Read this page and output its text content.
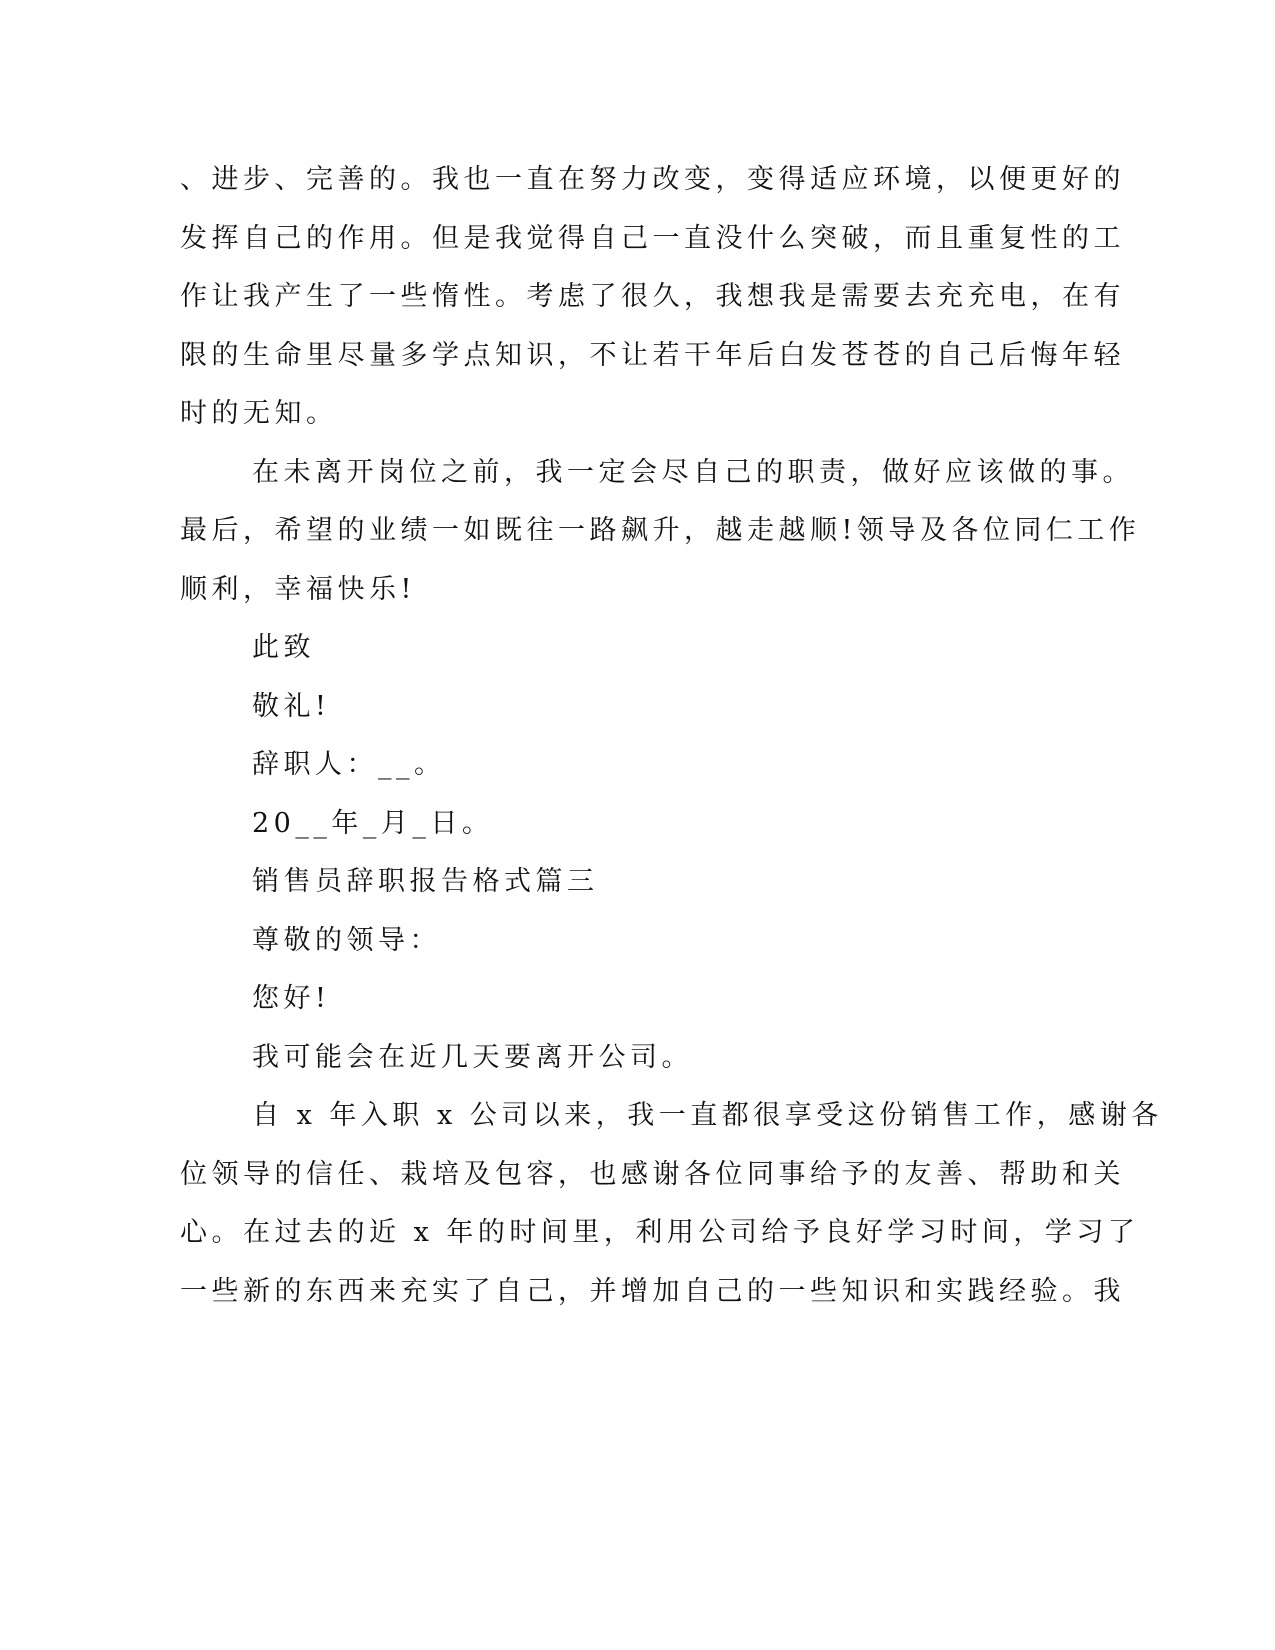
、进步、完善的。我也一直在努力改变，变得适应环境，以便更好的
发挥自己的作用。但是我觉得自己一直没什么突破，而且重复性的工
作让我产生了一些惰性。考虑了很久，我想我是需要去充充电，在有
限的生命里尽量多学点知识，不让若干年后白发苍苍的自己后悔年轻
时的无知。
在未离开岗位之前，我一定会尽自己的职责，做好应该做的事。
最后，希望的业绩一如既往一路飙升，越走越顺!领导及各位同仁工作
顺利，幸福快乐!
此致
敬礼!
辞职人：__。
20__年_月_日。
销售员辞职报告格式篇三
尊敬的领导：
您好!
我可能会在近几天要离开公司。
自 x 年入职 x 公司以来，我一直都很享受这份销售工作，感谢各
位领导的信任、栽培及包容，也感谢各位同事给予的友善、帮助和关
心。在过去的近 x 年的时间里，利用公司给予良好学习时间，学习了
一些新的东西来充实了自己，并增加自己的一些知识和实践经验。我
